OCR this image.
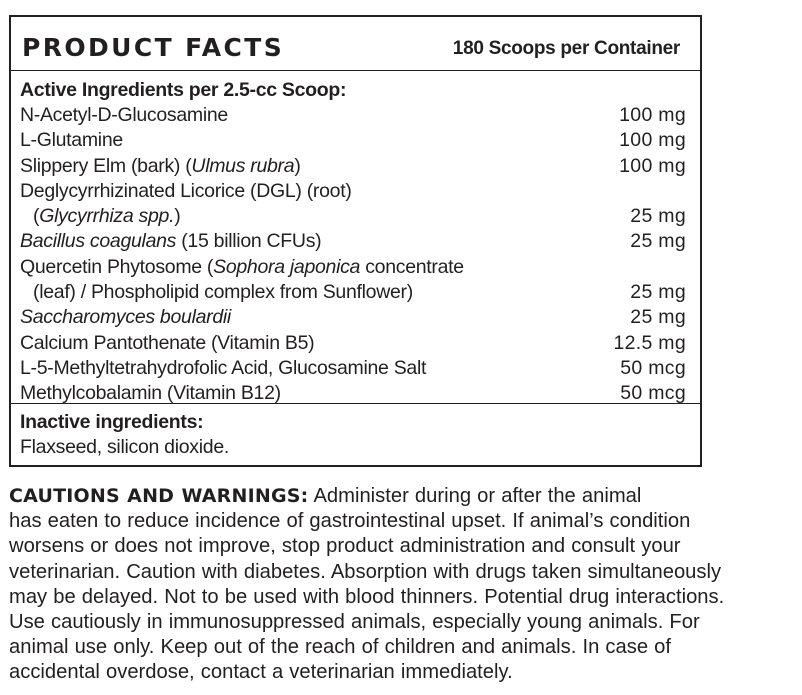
PRODUCT FACTS	180 Scoops per Container
Active Ingredients per 2.5-cc Scoop:
N-Acetyl-D-Glucosamine	100 mg
L-Glutamine	100 mg
Slippery Elm (bark) (Ulmus rubra)	100 mg
Deglycyrrhizinated Licorice (DGL) (root)
(Glycyrrhiza spp.)	25 mg
Bacillus coagulans (15 billion CFUs)	25 mg
Quercetin Phytosome (Sophora japonica concentrate
(leaf) / Phospholipid complex from Sunflower)	25 mg
Saccharomyces boulardii	25 mg
Calcium Pantothenate (Vitamin B5)	12.5 mg
L-5-Methyltetrahydrofolic Acid, Glucosamine Salt	50 mcg
Methylcobalamin (Vitamin B12)	50 mcg
Inactive ingredients:
Flaxseed, silicon dioxide.
CAUTIONS AND WARNINGS: Administer during or after the animal
has eaten to reduce incidence of gastrointestinal upset. If animal’s condition
worsens or does not improve, stop product administration and consult your
veterinarian. Caution with diabetes. Absorption with drugs taken simultaneously
may be delayed. Not to be used with blood thinners. Potential drug interactions.
Use cautiously in immunosuppressed animals, especially young animals. For
animal use only. Keep out of the reach of children and animals. In case of
accidental overdose, contact a veterinarian immediately.
